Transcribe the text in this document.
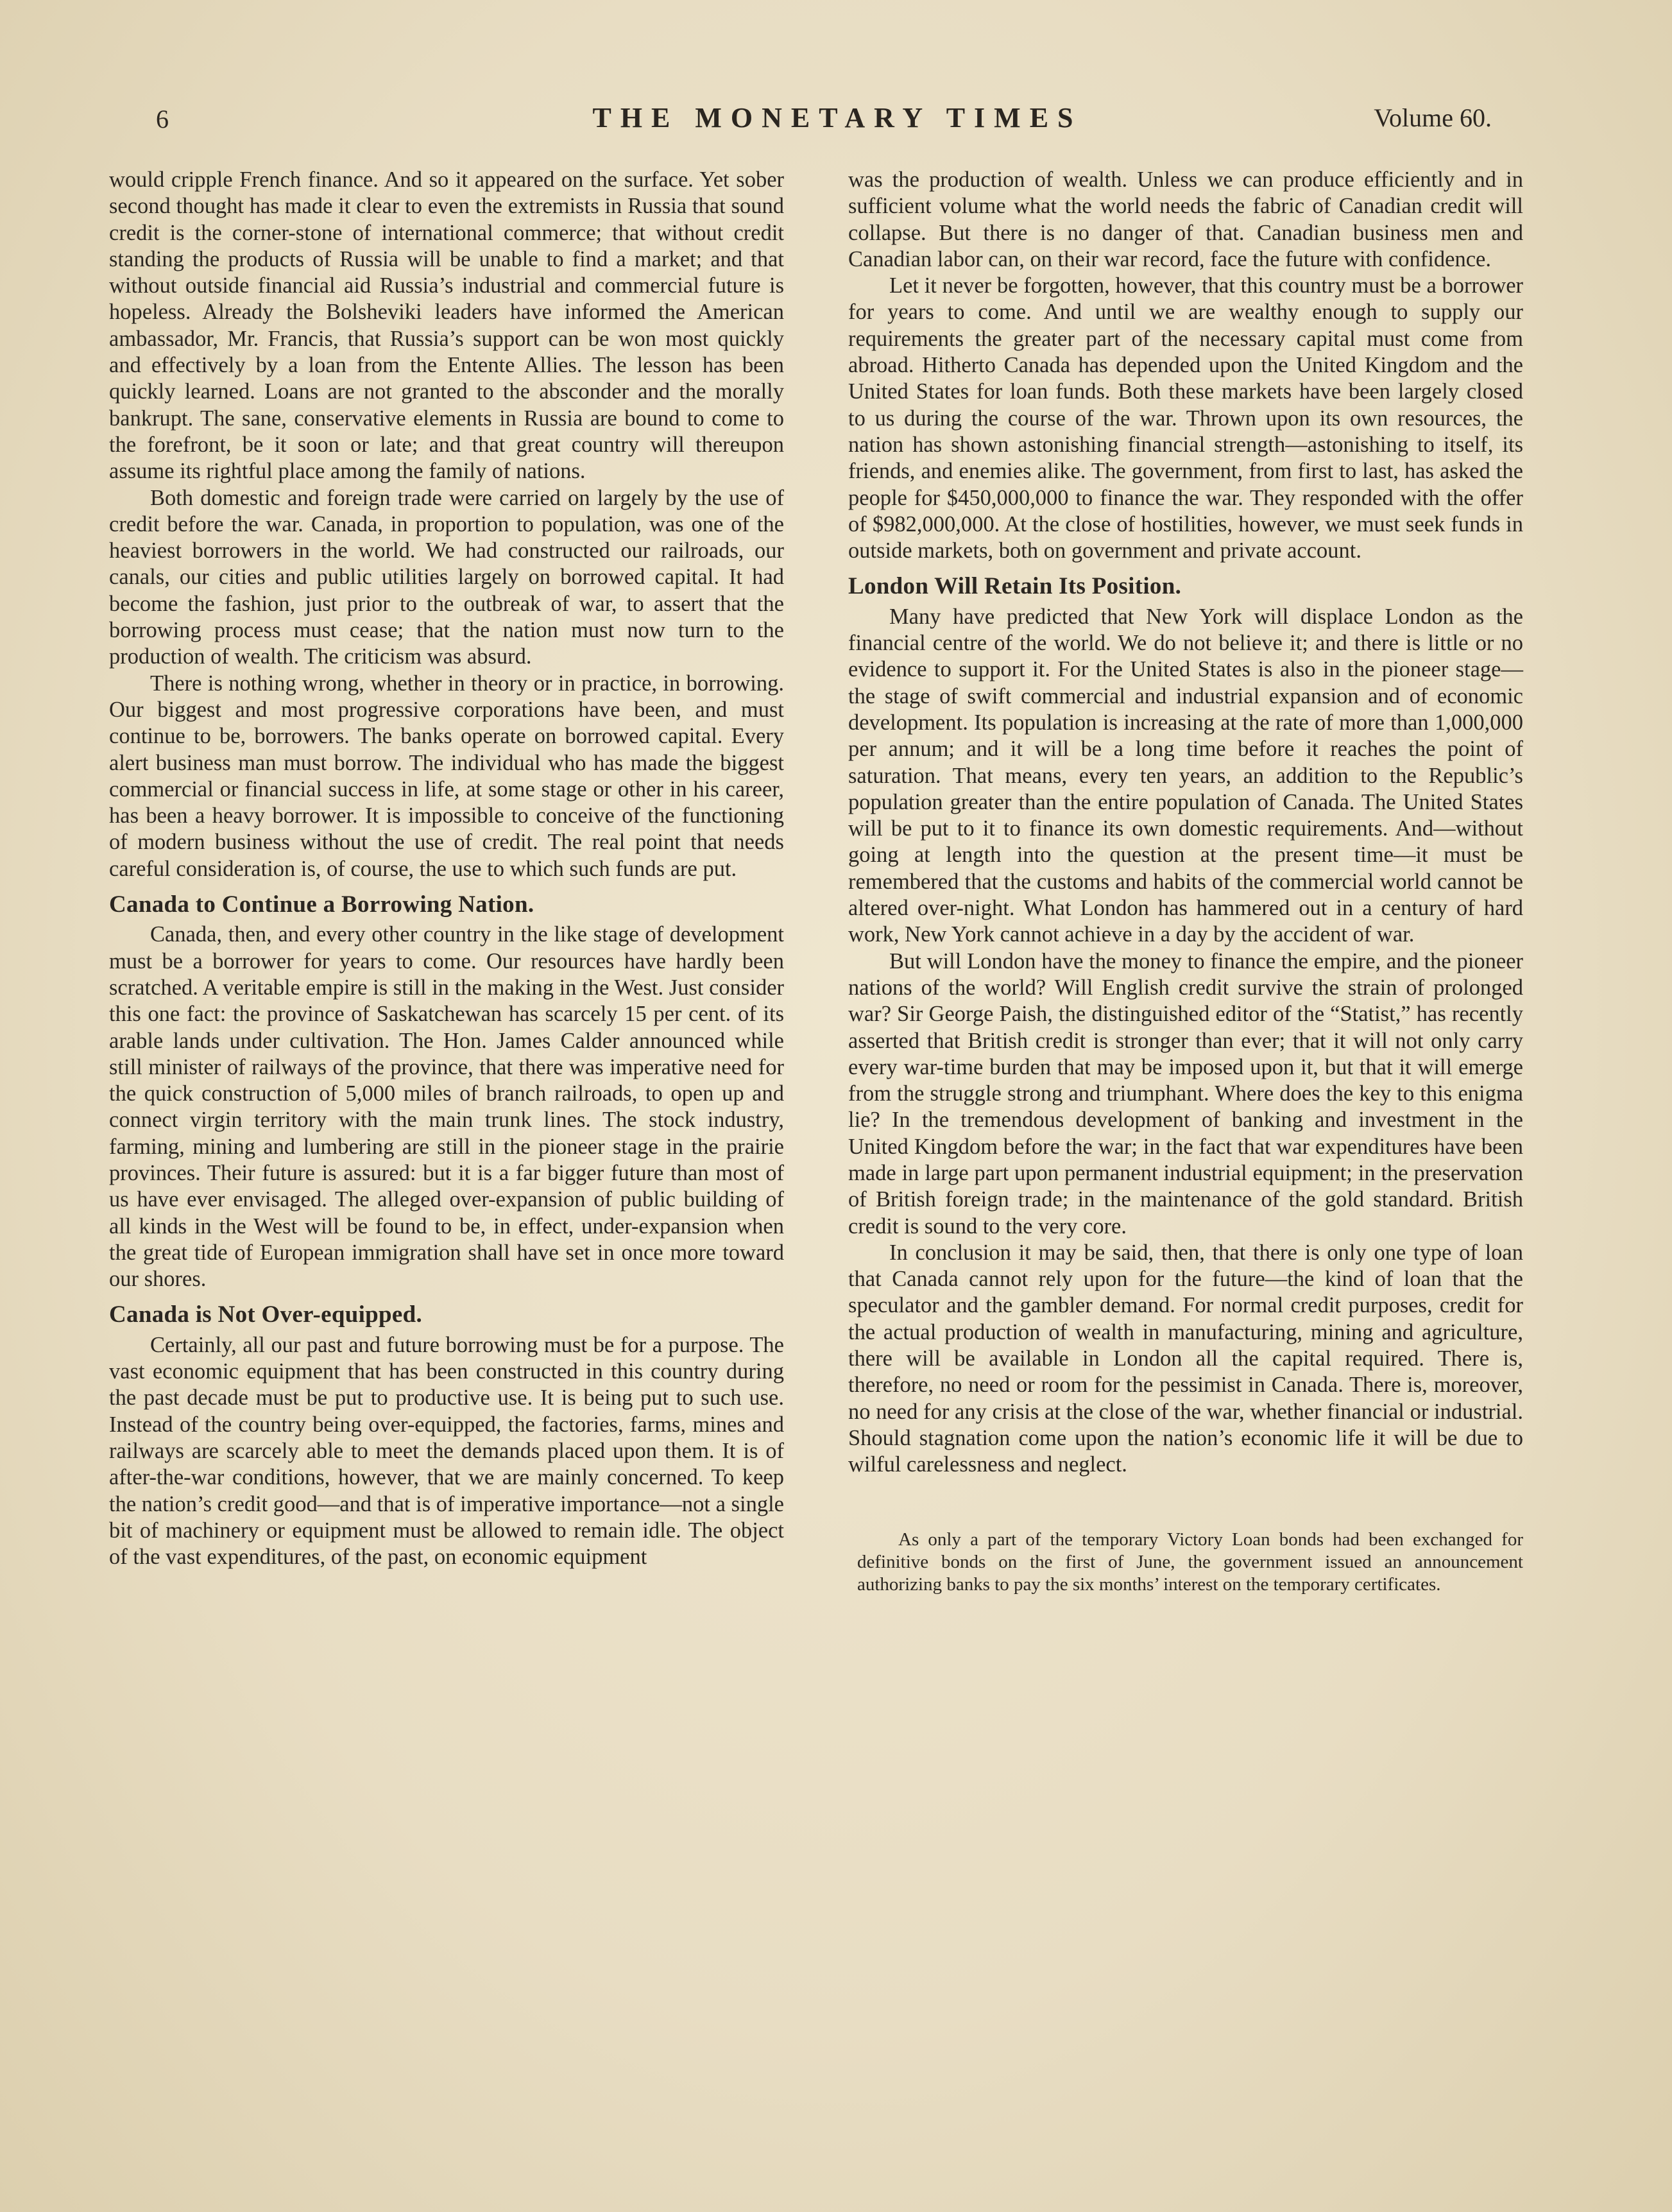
6	THE MONETARY TIMES	Volume 60.

would cripple French finance. And so it appeared on the surface. Yet sober second thought has made it clear to even the extremists in Russia that sound credit is the corner-stone of international commerce; that without credit standing the products of Russia will be unable to find a market; and that without outside financial aid Russia’s industrial and commercial future is hopeless. Already the Bolsheviki leaders have informed the American ambassador, Mr. Francis, that Russia’s support can be won most quickly and effectively by a loan from the Entente Allies. The lesson has been quickly learned. Loans are not granted to the absconder and the morally bankrupt. The sane, conservative elements in Russia are bound to come to the forefront, be it soon or late; and that great country will thereupon assume its rightful place among the family of nations.

Both domestic and foreign trade were carried on largely by the use of credit before the war. Canada, in proportion to population, was one of the heaviest borrowers in the world. We had constructed our railroads, our canals, our cities and public utilities largely on borrowed capital. It had become the fashion, just prior to the outbreak of war, to assert that the borrowing process must cease; that the nation must now turn to the production of wealth. The criticism was absurd.

There is nothing wrong, whether in theory or in practice, in borrowing. Our biggest and most progressive corporations have been, and must continue to be, borrowers. The banks operate on borrowed capital. Every alert business man must borrow. The individual who has made the biggest commercial or financial success in life, at some stage or other in his career, has been a heavy borrower. It is impossible to conceive of the functioning of modern business without the use of credit. The real point that needs careful consideration is, of course, the use to which such funds are put.

Canada to Continue a Borrowing Nation.

Canada, then, and every other country in the like stage of development must be a borrower for years to come. Our resources have hardly been scratched. A veritable empire is still in the making in the West. Just consider this one fact: the province of Saskatchewan has scarcely 15 per cent. of its arable lands under cultivation. The Hon. James Calder announced while still minister of railways of the province, that there was imperative need for the quick construction of 5,000 miles of branch railroads, to open up and connect virgin territory with the main trunk lines. The stock industry, farming, mining and lumbering are still in the pioneer stage in the prairie provinces. Their future is assured: but it is a far bigger future than most of us have ever envisaged. The alleged over-expansion of public building of all kinds in the West will be found to be, in effect, under-expansion when the great tide of European immigration shall have set in once more toward our shores.

Canada is Not Over-equipped.

Certainly, all our past and future borrowing must be for a purpose. The vast economic equipment that has been constructed in this country during the past decade must be put to productive use. It is being put to such use. Instead of the country being over-equipped, the factories, farms, mines and railways are scarcely able to meet the demands placed upon them. It is of after-the-war conditions, however, that we are mainly concerned. To keep the nation’s credit good—and that is of imperative importance—not a single bit of machinery or equipment must be allowed to remain idle. The object of the vast expenditures, of the past, on economic equipment

was the production of wealth. Unless we can produce efficiently and in sufficient volume what the world needs the fabric of Canadian credit will collapse. But there is no danger of that. Canadian business men and Canadian labor can, on their war record, face the future with confidence.

Let it never be forgotten, however, that this country must be a borrower for years to come. And until we are wealthy enough to supply our requirements the greater part of the necessary capital must come from abroad. Hitherto Canada has depended upon the United Kingdom and the United States for loan funds. Both these markets have been largely closed to us during the course of the war. Thrown upon its own resources, the nation has shown astonishing financial strength—astonishing to itself, its friends, and enemies alike. The government, from first to last, has asked the people for $450,000,000 to finance the war. They responded with the offer of $982,000,000. At the close of hostilities, however, we must seek funds in outside markets, both on government and private account.

London Will Retain Its Position.

Many have predicted that New York will displace London as the financial centre of the world. We do not believe it; and there is little or no evidence to support it. For the United States is also in the pioneer stage—the stage of swift commercial and industrial expansion and of economic development. Its population is increasing at the rate of more than 1,000,000 per annum; and it will be a long time before it reaches the point of saturation. That means, every ten years, an addition to the Republic’s population greater than the entire population of Canada. The United States will be put to it to finance its own domestic requirements. And—without going at length into the question at the present time—it must be remembered that the customs and habits of the commercial world cannot be altered over-night. What London has hammered out in a century of hard work, New York cannot achieve in a day by the accident of war.

But will London have the money to finance the empire, and the pioneer nations of the world? Will English credit survive the strain of prolonged war? Sir George Paish, the distinguished editor of the “Statist,” has recently asserted that British credit is stronger than ever; that it will not only carry every war-time burden that may be imposed upon it, but that it will emerge from the struggle strong and triumphant. Where does the key to this enigma lie? In the tremendous development of banking and investment in the United Kingdom before the war; in the fact that war expenditures have been made in large part upon permanent industrial equipment; in the preservation of British foreign trade; in the maintenance of the gold standard. British credit is sound to the very core.

In conclusion it may be said, then, that there is only one type of loan that Canada cannot rely upon for the future—the kind of loan that the speculator and the gambler demand. For normal credit purposes, credit for the actual production of wealth in manufacturing, mining and agriculture, there will be available in London all the capital required. There is, therefore, no need or room for the pessimist in Canada. There is, moreover, no need for any crisis at the close of the war, whether financial or industrial. Should stagnation come upon the nation’s economic life it will be due to wilful carelessness and neglect.

As only a part of the temporary Victory Loan bonds had been exchanged for definitive bonds on the first of June, the government issued an announcement authorizing banks to pay the six months’ interest on the temporary certificates.
